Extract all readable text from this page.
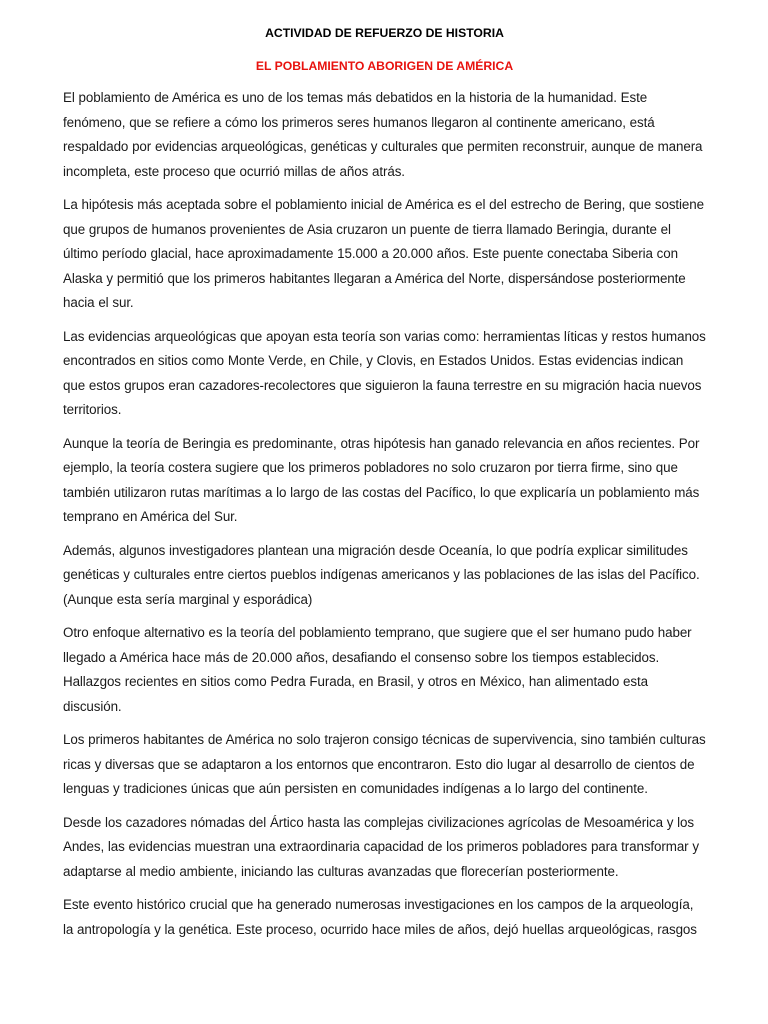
ACTIVIDAD DE REFUERZO DE HISTORIA
EL POBLAMIENTO ABORIGEN DE AMÉRICA

El poblamiento de América es uno de los temas más debatidos en la historia de la humanidad. Este fenómeno, que se refiere a cómo los primeros seres humanos llegaron al continente americano, está respaldado por evidencias arqueológicas, genéticas y culturales que permiten reconstruir, aunque de manera incompleta, este proceso que ocurrió millas de años atrás.

La hipótesis más aceptada sobre el poblamiento inicial de América es el del estrecho de Bering, que sostiene que grupos de humanos provenientes de Asia cruzaron un puente de tierra llamado Beringia, durante el último período glacial, hace aproximadamente 15.000 a 20.000 años. Este puente conectaba Siberia con Alaska y permitió que los primeros habitantes llegaran a América del Norte, dispersándose posteriormente hacia el sur.

Las evidencias arqueológicas que apoyan esta teoría son varias como: herramientas líticas y restos humanos encontrados en sitios como Monte Verde, en Chile, y Clovis, en Estados Unidos. Estas evidencias indican que estos grupos eran cazadores-recolectores que siguieron la fauna terrestre en su migración hacia nuevos territorios.

Aunque la teoría de Beringia es predominante, otras hipótesis han ganado relevancia en años recientes. Por ejemplo, la teoría costera sugiere que los primeros pobladores no solo cruzaron por tierra firme, sino que también utilizaron rutas marítimas a lo largo de las costas del Pacífico, lo que explicaría un poblamiento más temprano en América del Sur.

Además, algunos investigadores plantean una migración desde Oceanía, lo que podría explicar similitudes genéticas y culturales entre ciertos pueblos indígenas americanos y las poblaciones de las islas del Pacífico. (Aunque esta sería marginal y esporádica)

Otro enfoque alternativo es la teoría del poblamiento temprano, que sugiere que el ser humano pudo haber llegado a América hace más de 20.000 años, desafiando el consenso sobre los tiempos establecidos. Hallazgos recientes en sitios como Pedra Furada, en Brasil, y otros en México, han alimentado esta discusión.

Los primeros habitantes de América no solo trajeron consigo técnicas de supervivencia, sino también culturas ricas y diversas que se adaptaron a los entornos que encontraron. Esto dio lugar al desarrollo de cientos de lenguas y tradiciones únicas que aún persisten en comunidades indígenas a lo largo del continente.

Desde los cazadores nómadas del Ártico hasta las complejas civilizaciones agrícolas de Mesoamérica y los Andes, las evidencias muestran una extraordinaria capacidad de los primeros pobladores para transformar y adaptarse al medio ambiente, iniciando las culturas avanzadas que florecerían posteriormente.

Este evento histórico crucial que ha generado numerosas investigaciones en los campos de la arqueología, la antropología y la genética. Este proceso, ocurrido hace miles de años, dejó huellas arqueológicas, rasgos
